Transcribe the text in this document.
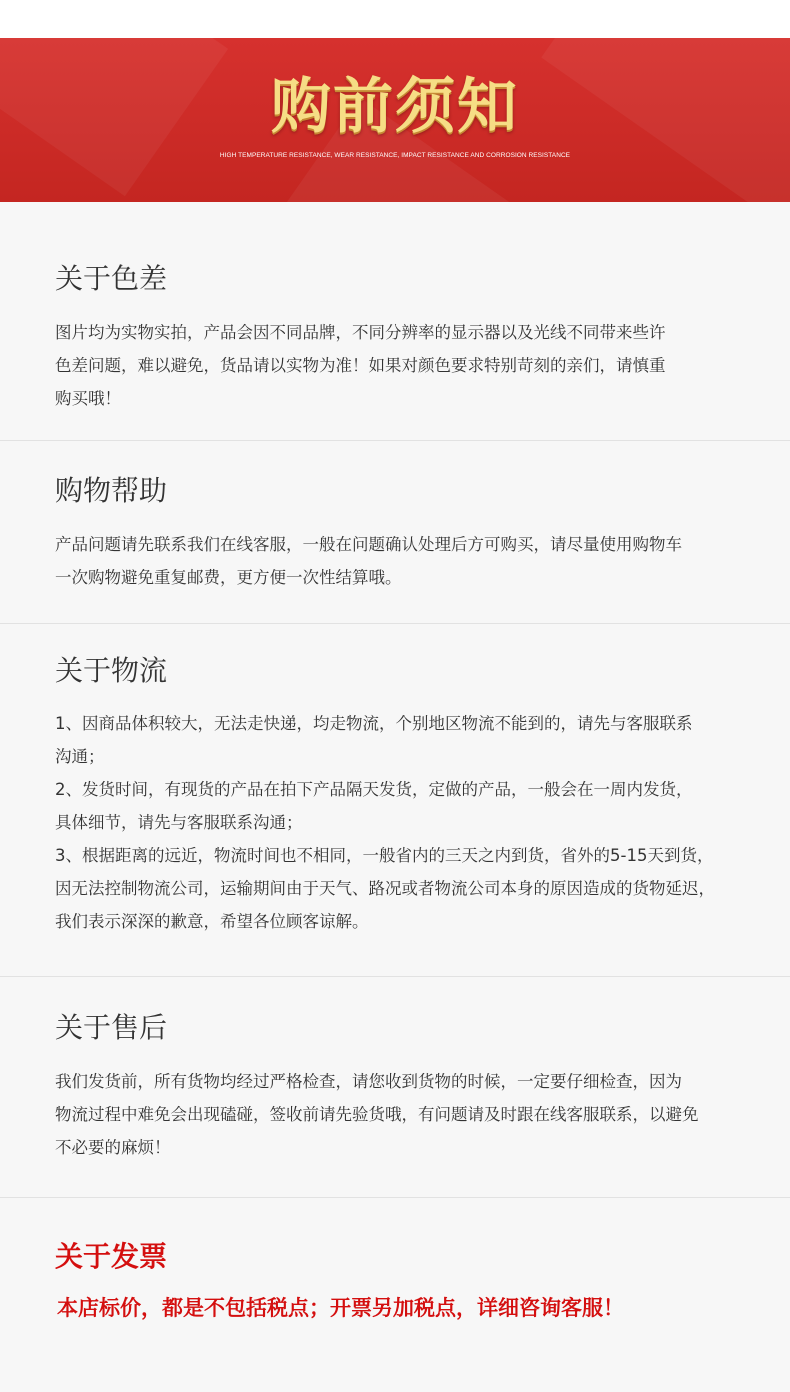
购前须知
HIGH TEMPERATURE RESISTANCE, WEAR RESISTANCE, IMPACT RESISTANCE AND CORROSION RESISTANCE
关于色差
图片均为实物实拍，产品会因不同品牌，不同分辨率的显示器以及光线不同带来些许
色差问题，难以避免，货品请以实物为准！如果对颜色要求特别苛刻的亲们，请慎重
购买哦！
购物帮助
产品问题请先联系我们在线客服，一般在问题确认处理后方可购买，请尽量使用购物车
一次购物避免重复邮费，更方便一次性结算哦。
关于物流
1、因商品体积较大，无法走快递，均走物流，个别地区物流不能到的，请先与客服联系
沟通；
2、发货时间，有现货的产品在拍下产品隔天发货，定做的产品，一般会在一周内发货，
具体细节，请先与客服联系沟通；
3、根据距离的远近，物流时间也不相同，一般省内的三天之内到货，省外的5-15天到货，
因无法控制物流公司，运输期间由于天气、路况或者物流公司本身的原因造成的货物延迟，
我们表示深深的歉意，希望各位顾客谅解。
关于售后
我们发货前，所有货物均经过严格检查，请您收到货物的时候，一定要仔细检查，因为
物流过程中难免会出现磕碰，签收前请先验货哦，有问题请及时跟在线客服联系，以避免
不必要的麻烦！
关于发票
本店标价，都是不包括税点；开票另加税点，详细咨询客服！
